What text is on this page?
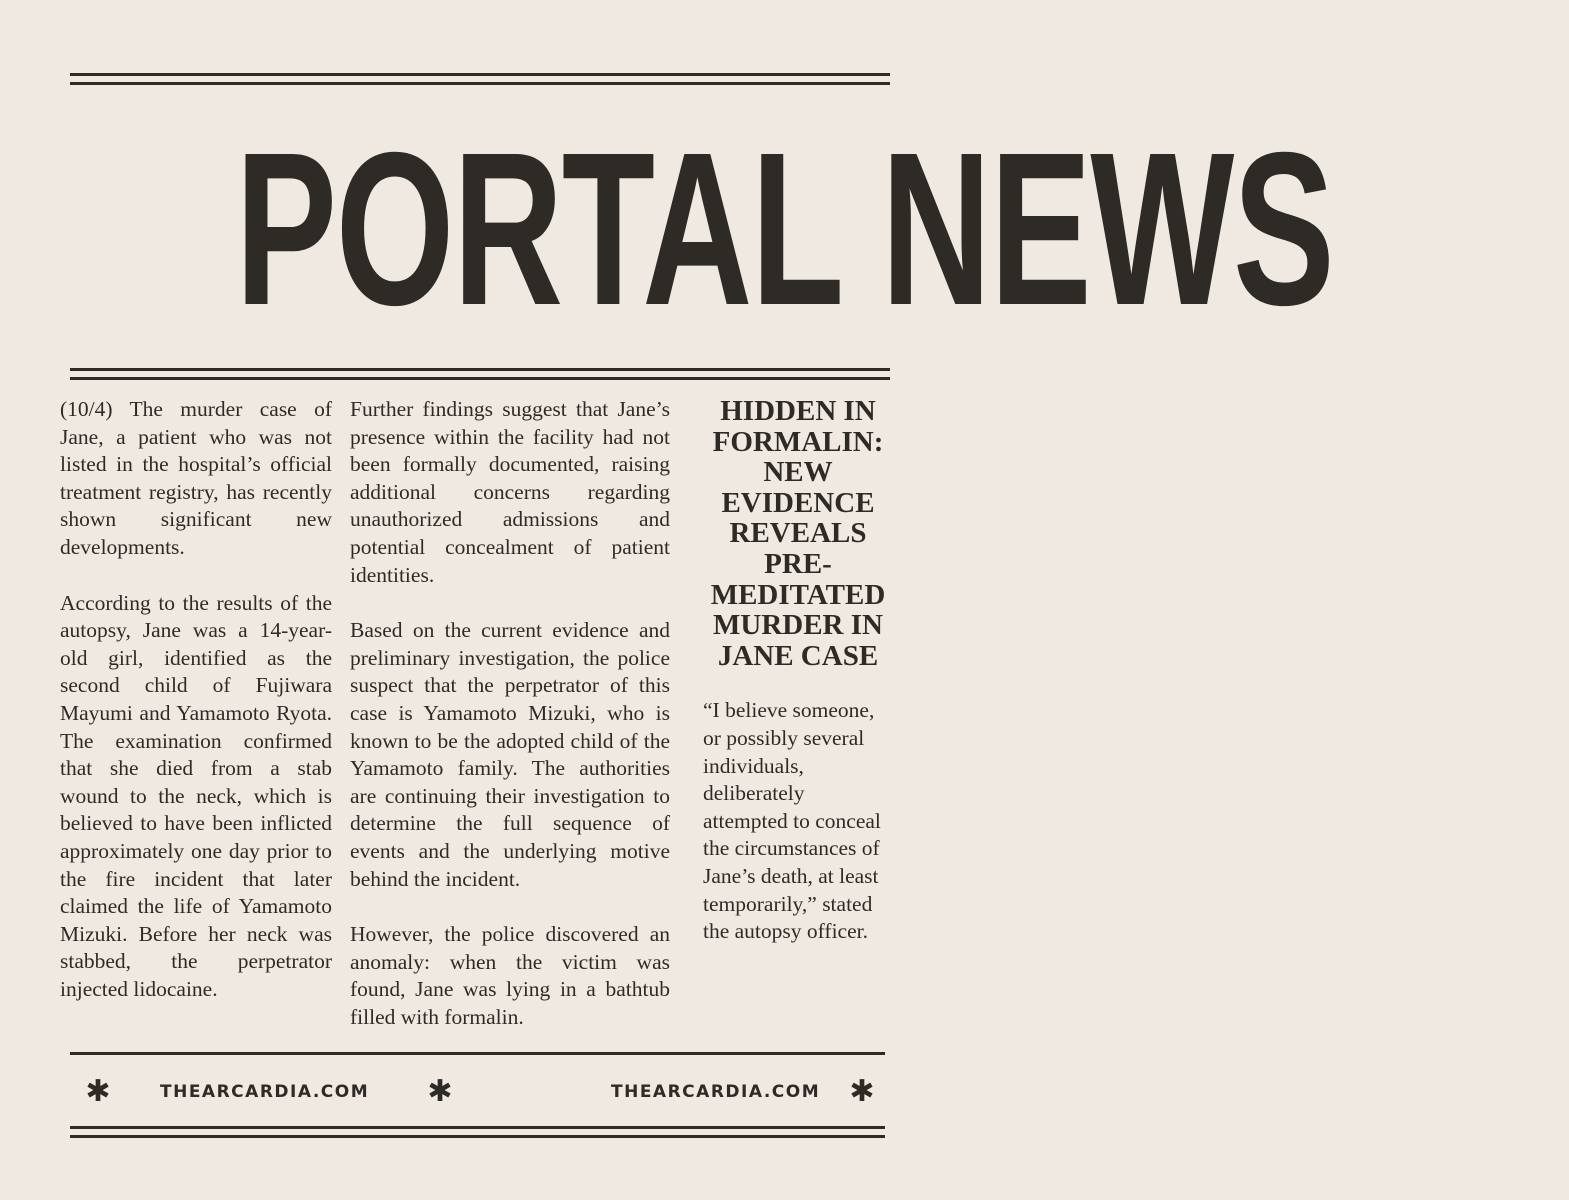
PORTAL NEWS

(10/4) The murder case of Jane, a patient who was not listed in the hospital’s official treatment registry, has recently shown significant new developments.

According to the results of the autopsy, Jane was a 14-year-old girl, identified as the second child of Fujiwara Mayumi and Yamamoto Ryota. The examination confirmed that she died from a stab wound to the neck, which is believed to have been inflicted approximately one day prior to the fire incident that later claimed the life of Yamamoto Mizuki. Before her neck was stabbed, the perpetrator injected lidocaine.

Further findings suggest that Jane’s presence within the facility had not been formally documented, raising additional concerns regarding unauthorized admissions and potential concealment of patient identities.

Based on the current evidence and preliminary investigation, the police suspect that the perpetrator of this case is Yamamoto Mizuki, who is known to be the adopted child of the Yamamoto family. The authorities are continuing their investigation to determine the full sequence of events and the underlying motive behind the incident.

However, the police discovered an anomaly: when the victim was found, Jane was lying in a bathtub filled with formalin.

HIDDEN IN FORMALIN: NEW EVIDENCE REVEALS PRE-MEDITATED MURDER IN JANE CASE

“I believe someone, or possibly several individuals, deliberately attempted to conceal the circumstances of Jane’s death, at least temporarily,” stated the autopsy officer.

✱	THEARCARDIA.COM ✱	THEARCARDIA.COM ✱
